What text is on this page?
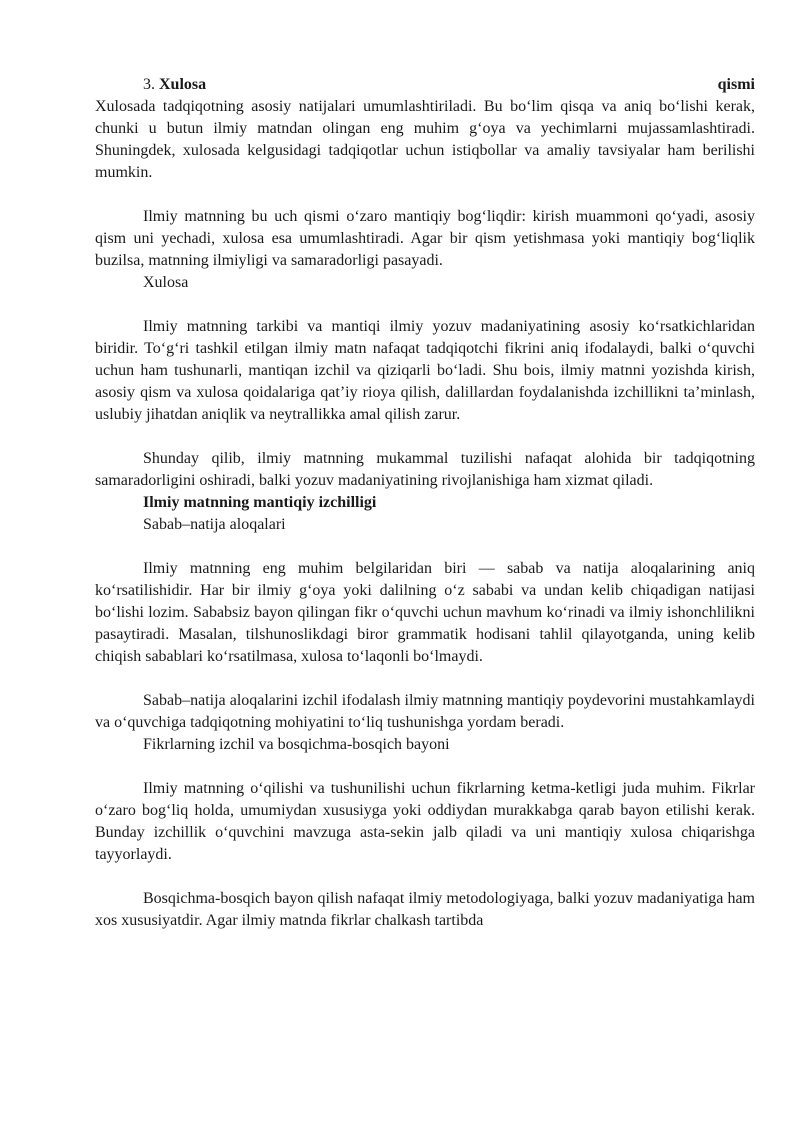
3. Xulosa	qismi

Xulosada tadqiqotning asosiy natijalari umumlashtiriladi. Bu bo‘lim qisqa va aniq bo‘lishi kerak, chunki u butun ilmiy matndan olingan eng muhim g‘oya va yechimlarni mujassamlashtiradi. Shuningdek, xulosada kelgusidagi tadqiqotlar uchun istiqbollar va amaliy tavsiyalar ham berilishi mumkin.

Ilmiy matnning bu uch qismi o‘zaro mantiqiy bog‘liqdir: kirish muammoni qo‘yadi, asosiy qism uni yechadi, xulosa esa umumlashtiradi. Agar bir qism yetishmasa yoki mantiqiy bog‘liqlik buzilsa, matnning ilmiyligi va samaradorligi pasayadi.

Xulosa

Ilmiy matnning tarkibi va mantiqi ilmiy yozuv madaniyatining asosiy ko‘rsatkichlaridan biridir. To‘g‘ri tashkil etilgan ilmiy matn nafaqat tadqiqotchi fikrini aniq ifodalaydi, balki o‘quvchi uchun ham tushunarli, mantiqan izchil va qiziqarli bo‘ladi. Shu bois, ilmiy matnni yozishda kirish, asosiy qism va xulosa qoidalariga qat’iy rioya qilish, dalillardan foydalanishda izchillikni ta’minlash, uslubiy jihatdan aniqlik va neytrallikka amal qilish zarur.

Shunday qilib, ilmiy matnning mukammal tuzilishi nafaqat alohida bir tadqiqotning samaradorligini oshiradi, balki yozuv madaniyatining rivojlanishiga ham xizmat qiladi.

Ilmiy matnning mantiqiy izchilligi
Sabab–natija aloqalari

Ilmiy matnning eng muhim belgilaridan biri — sabab va natija aloqalarining aniq ko‘rsatilishidir. Har bir ilmiy g‘oya yoki dalilning o‘z sababi va undan kelib chiqadigan natijasi bo‘lishi lozim. Sababsiz bayon qilingan fikr o‘quvchi uchun mavhum ko‘rinadi va ilmiy ishonchlilikni pasaytiradi. Masalan, tilshunoslikdagi biror grammatik hodisani tahlil qilayotganda, uning kelib chiqish sabablari ko‘rsatilmasa, xulosa to‘laqonli bo‘lmaydi.

Sabab–natija aloqalarini izchil ifodalash ilmiy matnning mantiqiy poydevorini mustahkamlaydi va o‘quvchiga tadqiqotning mohiyatini to‘liq tushunishga yordam beradi.

Fikrlarning izchil va bosqichma-bosqich bayoni

Ilmiy matnning o‘qilishi va tushunilishi uchun fikrlarning ketma-ketligi juda muhim. Fikrlar o‘zaro bog‘liq holda, umumiydan xususiyga yoki oddiydan murakkabga qarab bayon etilishi kerak. Bunday izchillik o‘quvchini mavzuga asta-sekin jalb qiladi va uni mantiqiy xulosa chiqarishga tayyorlaydi.

Bosqichma-bosqich bayon qilish nafaqat ilmiy metodologiyaga, balki yozuv madaniyatiga ham xos xususiyatdir. Agar ilmiy matnda fikrlar chalkash tartibda
